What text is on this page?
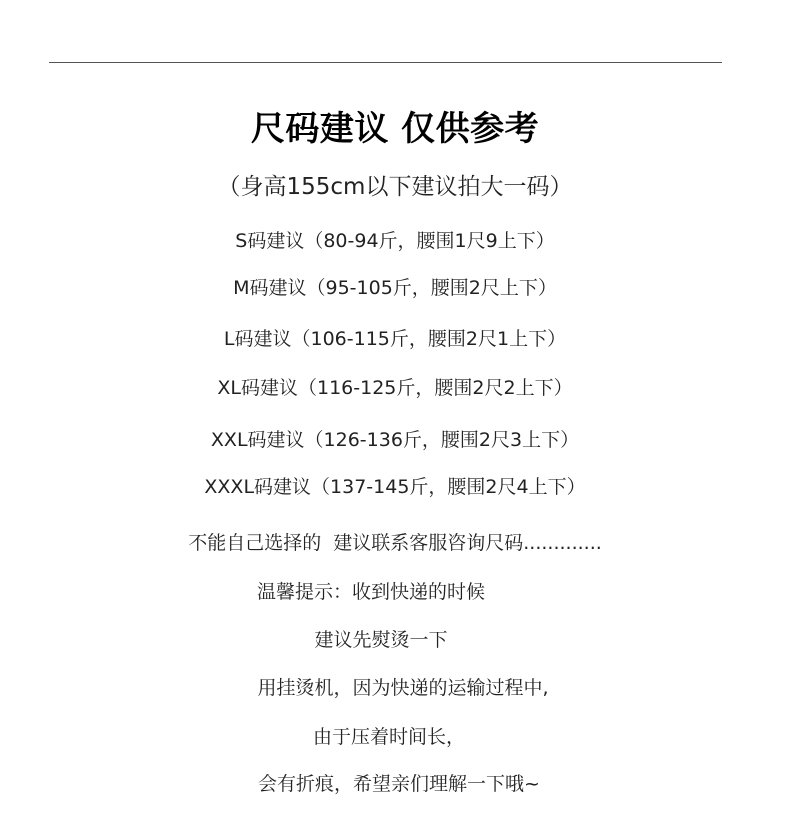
尺码建议 仅供参考
（身高155cm以下建议拍大一码）
S码建议（80-94斤，腰围1尺9上下）
M码建议（95-105斤，腰围2尺上下）
L码建议（106-115斤，腰围2尺1上下）
XL码建议（116-125斤，腰围2尺2上下）
XXL码建议（126-136斤，腰围2尺3上下）
XXXL码建议（137-145斤，腰围2尺4上下）
不能自己选择的  建议联系客服咨询尺码.............
温馨提示：收到快递的时候
建议先熨烫一下
用挂烫机，因为快递的运输过程中,
由于压着时间长，
会有折痕，希望亲们理解一下哦~
